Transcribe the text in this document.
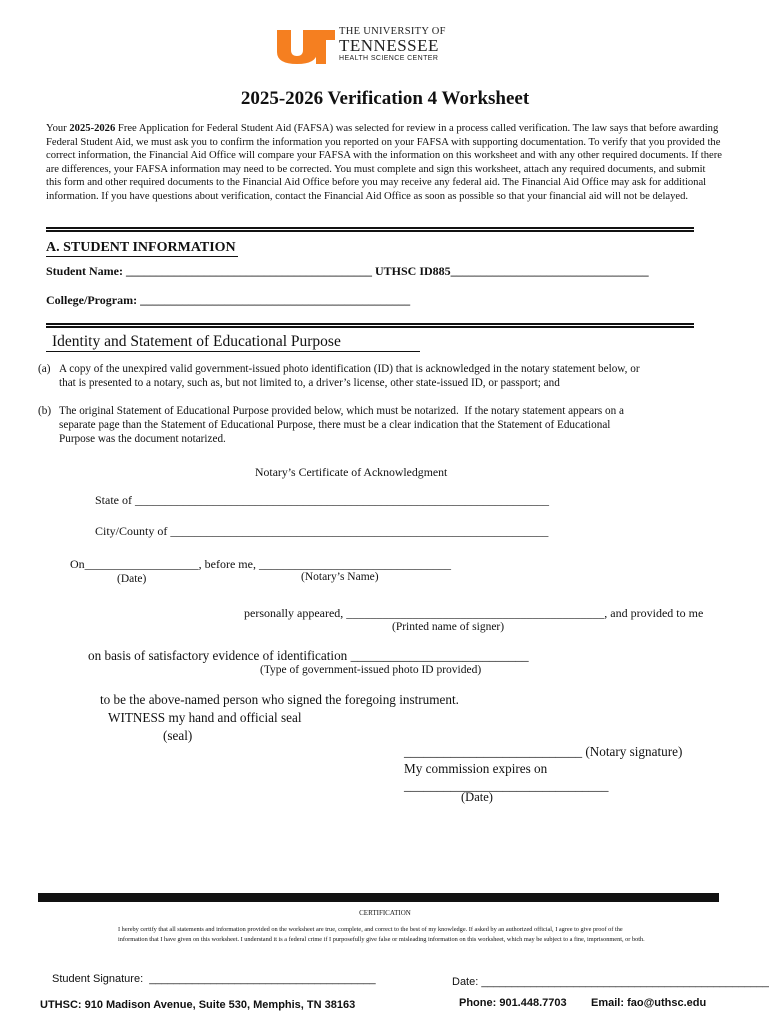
THE UNIVERSITY OF
TENNESSEE
HEALTH SCIENCE CENTER
2025-2026 Verification 4 Worksheet
Your 2025-2026 Free Application for Federal Student Aid (FAFSA) was selected for review in a process called verification. The law says that before awarding Federal Student Aid, we must ask you to confirm the information you reported on your FAFSA with supporting documentation. To verify that you provided the correct information, the Financial Aid Office will compare your FAFSA with the information on this worksheet and with any other required documents. If there are differences, your FAFSA information may need to be corrected. You must complete and sign this worksheet, attach any required documents, and submit this form and other required documents to the Financial Aid Office before you may receive any federal aid. The Financial Aid Office may ask for additional information. If you have questions about verification, contact the Financial Aid Office as soon as possible so that your financial aid will not be delayed.
A. STUDENT INFORMATION
Student Name: _________________________________________ UTHSC ID885_________________________________
College/Program: _____________________________________________
Identity and Statement of Educational Purpose
(a) A copy of the unexpired valid government-issued photo identification (ID) that is acknowledged in the notary statement below, or
that is presented to a notary, such as, but not limited to, a driver’s license, other state-issued ID, or passport; and
(b) The original Statement of Educational Purpose provided below, which must be notarized.  If the notary statement appears on a
separate page than the Statement of Educational Purpose, there must be a clear indication that the Statement of Educational
Purpose was the document notarized.
Notary’s Certificate of Acknowledgment
State of _____________________________________________________________________
City/County of _______________________________________________________________
On___________________, before me, ________________________________
(Date)	(Notary’s Name)
personally appeared, ___________________________________________, and provided to me
(Printed name of signer)
on basis of satisfactory evidence of identification ___________________________
(Type of government-issued photo ID provided)
to be the above-named person who signed the foregoing instrument.
WITNESS my hand and official seal
(seal)
___________________________ (Notary signature)
My commission expires on
_______________________________
(Date)
CERTIFICATION
I hereby certify that all statements and information provided on the worksheet are true, complete, and correct to the best of my knowledge. If asked by an authorized official, I agree to give proof of the information that I have given on this worksheet. I understand it is a federal crime if I purposefully give false or misleading information on this worksheet, which may be subject to a fine, imprisonment, or both.
Student Signature:  _____________________________________	Date: _______________________________________________
UTHSC: 910 Madison Avenue, Suite 530, Memphis, TN 38163	Phone: 901.448.7703 Email: fao@uthsc.edu
